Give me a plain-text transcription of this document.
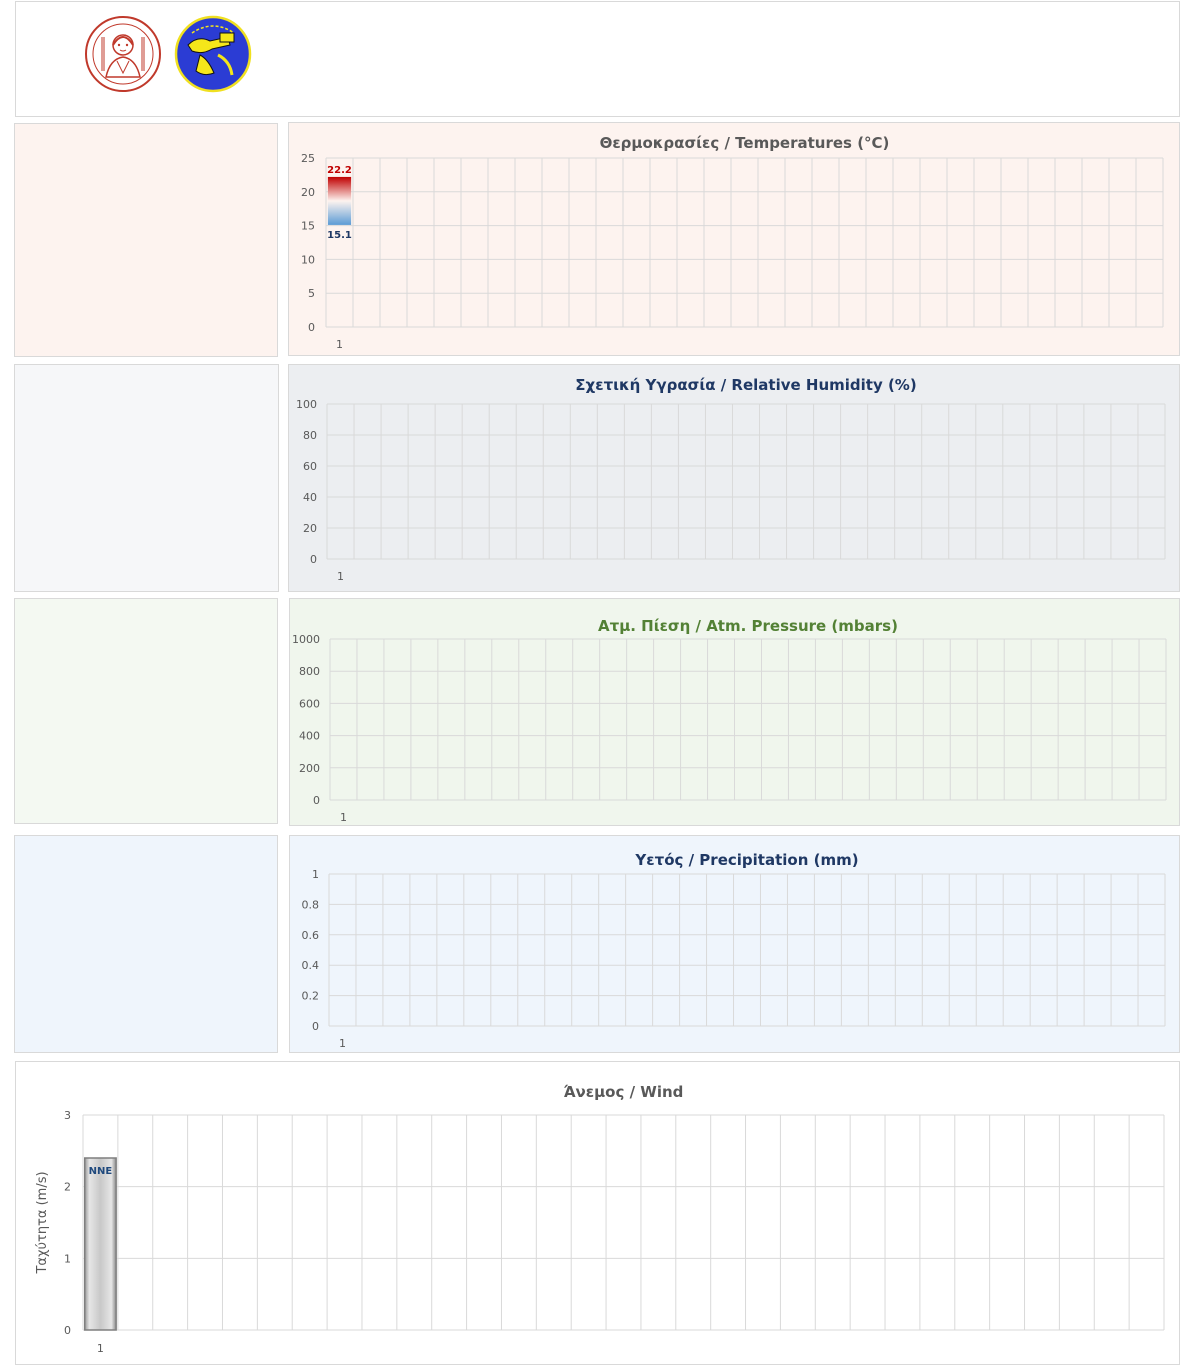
Θερμοκρασίες / Temperatures (°C)
0
5
10
15
20
25
1
22.2
15.1
Σχετική Υγρασία / Relative Humidity (%)
0
20
40
60
80
100
1
Ατμ. Πίεση / Atm. Pressure (mbars)
0
200
400
600
800
1000
1
Υετός / Precipitation (mm)
0
0.2
0.4
0.6
0.8
1
1
Άνεμος / Wind
0
1
2
3
1
Ταχύτητα (m/s)	NNE
